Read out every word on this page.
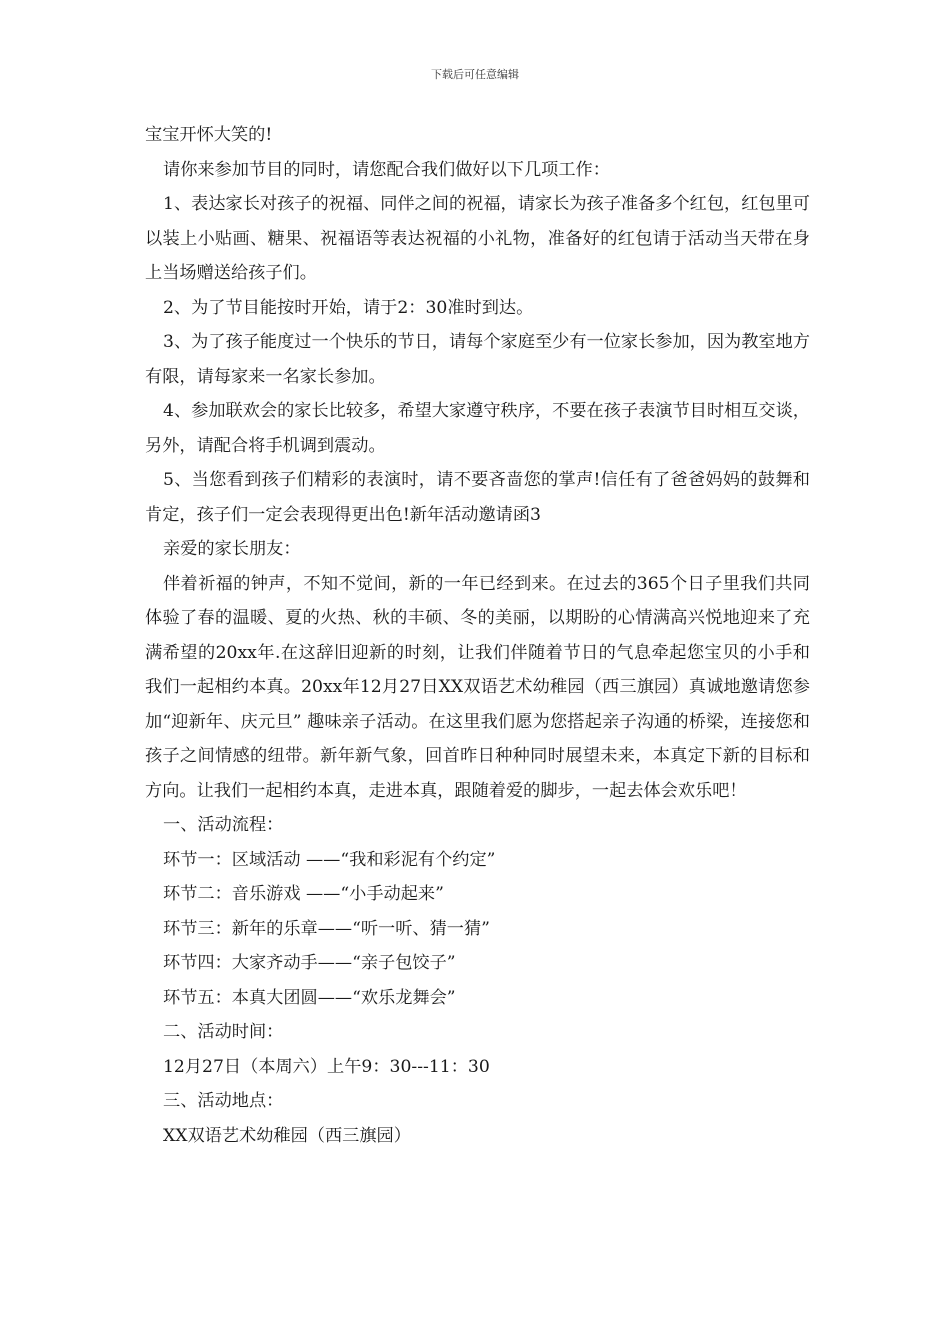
下载后可任意编辑

宝宝开怀大笑的!

请你来参加节目的同时，请您配合我们做好以下几项工作：

1、表达家长对孩子的祝福、同伴之间的祝福，请家长为孩子准备多个红包，红包里可以装上小贴画、糖果、祝福语等表达祝福的小礼物，准备好的红包请于活动当天带在身上当场赠送给孩子们。

2、为了节目能按时开始，请于2：30准时到达。

3、为了孩子能度过一个快乐的节日，请每个家庭至少有一位家长参加，因为教室地方有限，请每家来一名家长参加。

4、参加联欢会的家长比较多，希望大家遵守秩序，不要在孩子表演节目时相互交谈，另外，请配合将手机调到震动。

5、当您看到孩子们精彩的表演时，请不要吝啬您的掌声!信任有了爸爸妈妈的鼓舞和肯定，孩子们一定会表现得更出色!新年活动邀请函3

亲爱的家长朋友：

伴着祈福的钟声，不知不觉间，新的一年已经到来。在过去的365个日子里我们共同体验了春的温暖、夏的火热、秋的丰硕、冬的美丽，以期盼的心情满高兴悦地迎来了充满希望的20xx年.在这辞旧迎新的时刻，让我们伴随着节日的气息牵起您宝贝的小手和我们一起相约本真。20xx年12月27日XX双语艺术幼稚园（西三旗园）真诚地邀请您参加“迎新年、庆元旦” 趣味亲子活动。在这里我们愿为您搭起亲子沟通的桥梁，连接您和孩子之间情感的纽带。新年新气象，回首昨日种种同时展望未来，本真定下新的目标和方向。让我们一起相约本真，走进本真，跟随着爱的脚步，一起去体会欢乐吧！

一、活动流程：

环节一：区域活动 ——“我和彩泥有个约定”

环节二：音乐游戏 ——“小手动起来”

环节三：新年的乐章——“听一听、猜一猜”

环节四：大家齐动手——“亲子包饺子”

环节五：本真大团圆——“欢乐龙舞会”

二、活动时间：

12月27日（本周六）上午9：30---11：30

三、活动地点：

XX双语艺术幼稚园（西三旗园）
